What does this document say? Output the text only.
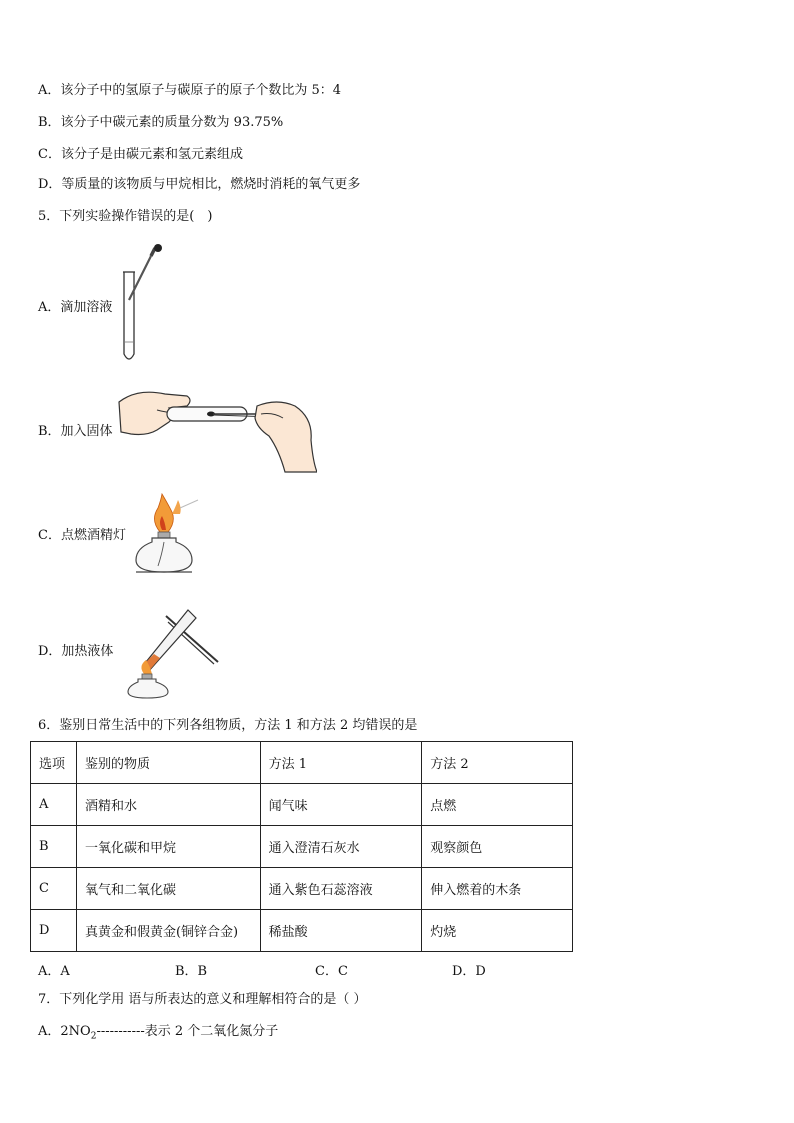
A．该分子中的氢原子与碳原子的原子个数比为 5：4
B．该分子中碳元素的质量分数为 93.75%
C．该分子是由碳元素和氢元素组成
D．等质量的该物质与甲烷相比，燃烧时消耗的氧气更多
5．下列实验操作错误的是(　)
A．滴加溶液
B．加入固体
C．点燃酒精灯
D．加热液体
6．鉴别日常生活中的下列各组物质，方法 1 和方法 2 均错误的是
选项	鉴别的物质	方法 1	方法 2
A	酒精和水	闻气味	点燃
B	一氧化碳和甲烷	通入澄清石灰水	观察颜色
C	氧气和二氧化碳	通入紫色石蕊溶液	伸入燃着的木条
D	真黄金和假黄金(铜锌合金)	稀盐酸	灼烧
A．A	B．B	C．C	D．D
7．下列化学用 语与所表达的意义和理解相符合的是（ ）
A．$2NO_2-----------$表示 2 个二氧化氮分子
